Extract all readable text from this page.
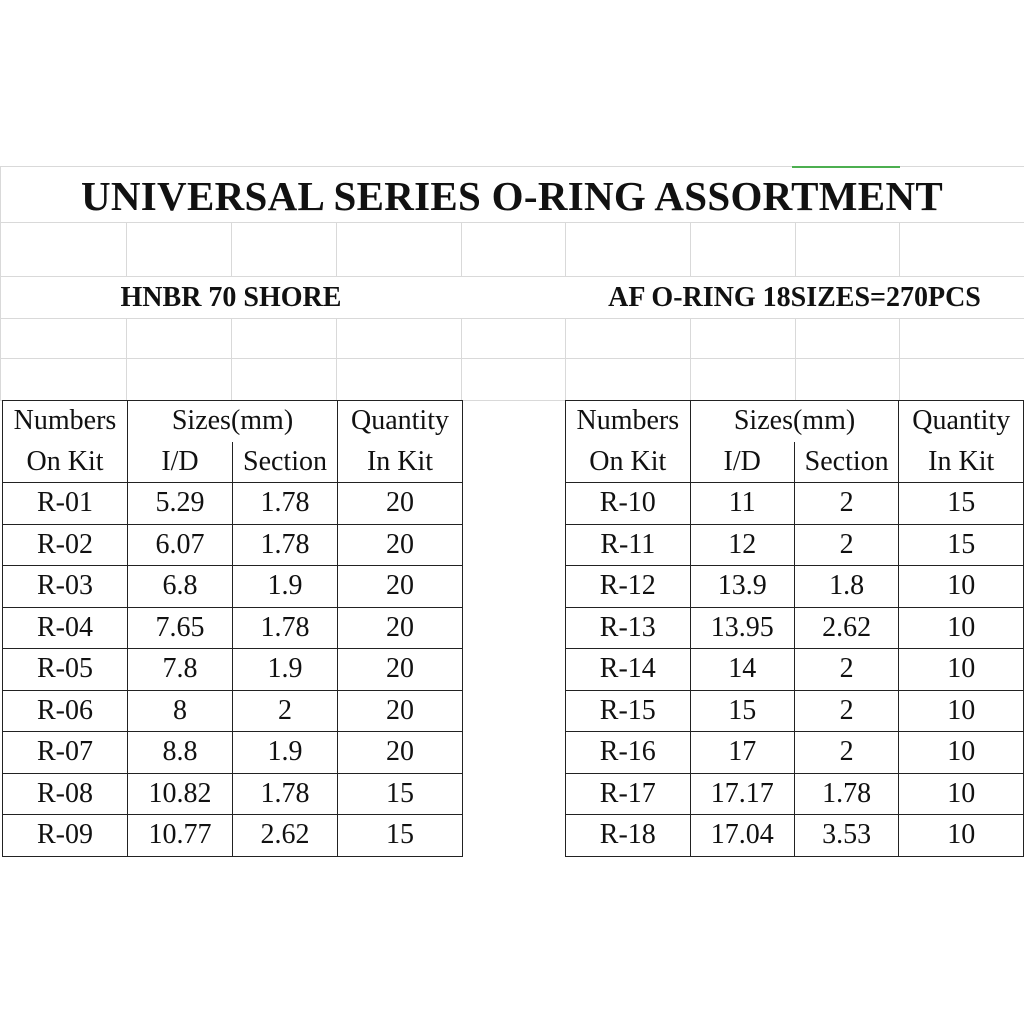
UNIVERSAL SERIES O-RING ASSORTMENT
HNBR 70 SHORE	AF O-RING 18SIZES=270PCS
Numbers	Sizes(mm)		Quantity
On Kit	I/D	Section	In Kit
R-01	5.29	1.78	20
R-02	6.07	1.78	20
R-03	6.8	1.9	20
R-04	7.65	1.78	20
R-05	7.8	1.9	20
R-06	8	2	20
R-07	8.8	1.9	20
R-08	10.82	1.78	15
R-09	10.77	2.62	15
Numbers	Sizes(mm)		Quantity
On Kit	I/D	Section	In Kit
R-10	11	2	15
R-11	12	2	15
R-12	13.9	1.8	10
R-13	13.95	2.62	10
R-14	14	2	10
R-15	15	2	10
R-16	17	2	10
R-17	17.17	1.78	10
R-18	17.04	3.53	10
